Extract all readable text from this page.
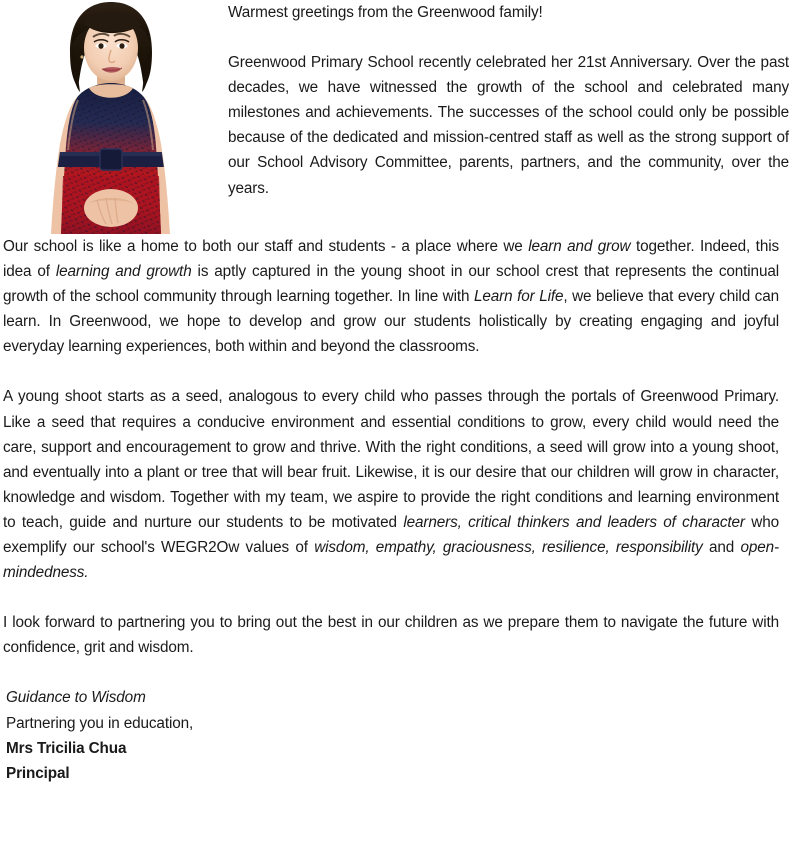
Warmest greetings from the Greenwood family!

Greenwood Primary School recently celebrated her 21st Anniversary. Over the past decades, we have witnessed the growth of the school and celebrated many milestones and achievements. The successes of the school could only be possible because of the dedicated and mission-centred staff as well as the strong support of our School Advisory Committee, parents, partners, and the community, over the years.

Our school is like a home to both our staff and students - a place where we learn and grow together. Indeed, this idea of learning and growth is aptly captured in the young shoot in our school crest that represents the continual growth of the school community through learning together. In line with Learn for Life, we believe that every child can learn. In Greenwood, we hope to develop and grow our students holistically by creating engaging and joyful everyday learning experiences, both within and beyond the classrooms.

A young shoot starts as a seed, analogous to every child who passes through the portals of Greenwood Primary. Like a seed that requires a conducive environment and essential conditions to grow, every child would need the care, support and encouragement to grow and thrive. With the right conditions, a seed will grow into a young shoot, and eventually into a plant or tree that will bear fruit. Likewise, it is our desire that our children will grow in character, knowledge and wisdom. Together with my team, we aspire to provide the right conditions and learning environment to teach, guide and nurture our students to be motivated learners, critical thinkers and leaders of character who exemplify our school's WEGR2Ow values of wisdom, empathy, graciousness, resilience, responsibility and open-mindedness.

I look forward to partnering you to bring out the best in our children as we prepare them to navigate the future with confidence, grit and wisdom.

Guidance to Wisdom

Partnering you in education,

Mrs Tricilia Chua

Principal
